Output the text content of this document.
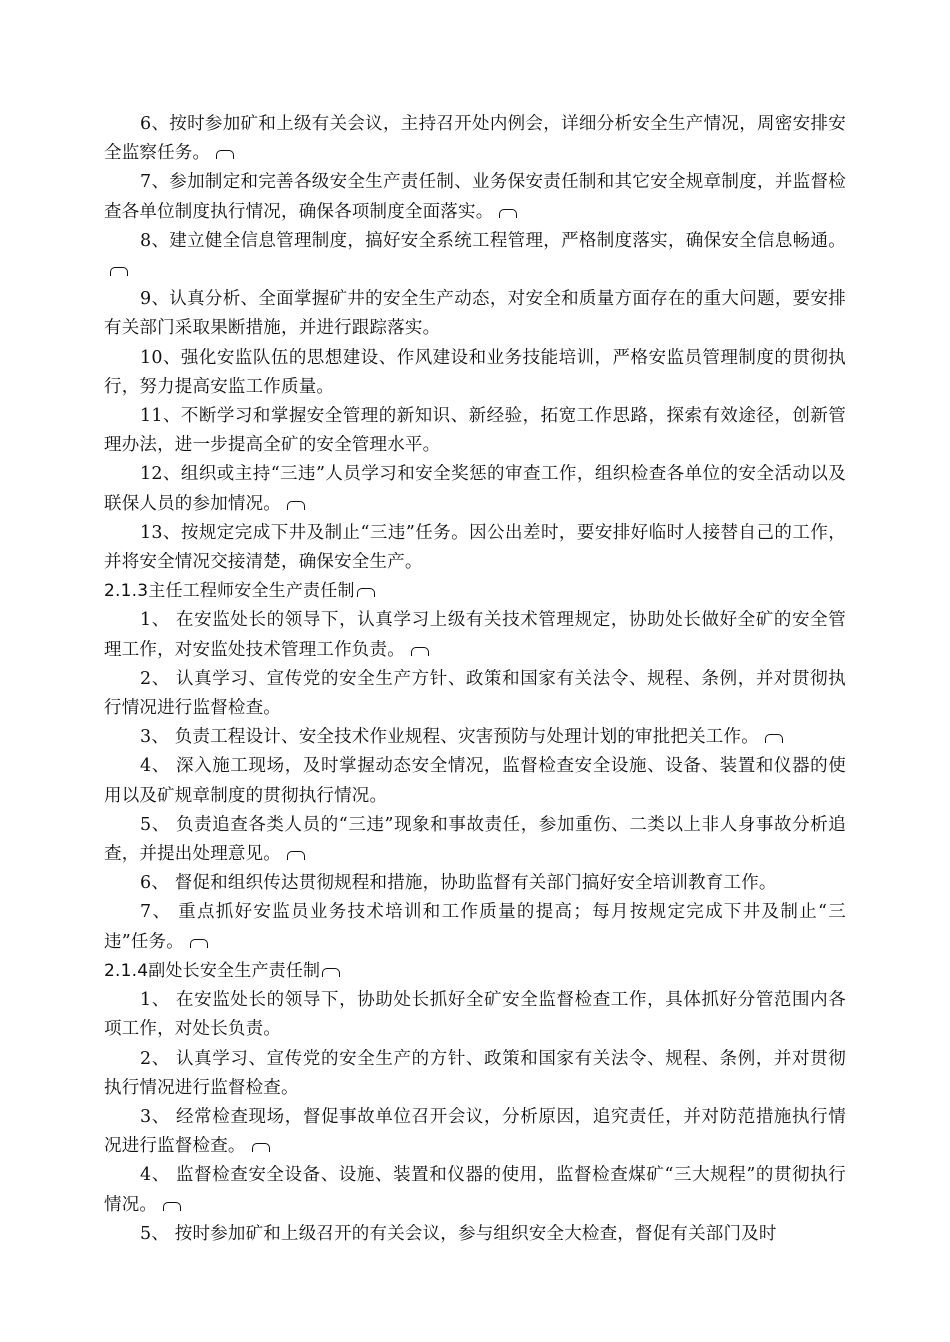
6、按时参加矿和上级有关会议，主持召开处内例会，详细分析安全生产情况，周密安排安全监察任务。

7、参加制定和完善各级安全生产责任制、业务保安责任制和其它安全规章制度，并监督检查各单位制度执行情况，确保各项制度全面落实。

8、建立健全信息管理制度，搞好安全系统工程管理，严格制度落实，确保安全信息畅通。

9、认真分析、全面掌握矿井的安全生产动态，对安全和质量方面存在的重大问题，要安排有关部门采取果断措施，并进行跟踪落实。

10、强化安监队伍的思想建设、作风建设和业务技能培训，严格安监员管理制度的贯彻执行，努力提高安监工作质量。

11、不断学习和掌握安全管理的新知识、新经验，拓宽工作思路，探索有效途径，创新管理办法，进一步提高全矿的安全管理水平。

12、组织或主持“三违”人员学习和安全奖惩的审查工作，组织检查各单位的安全活动以及联保人员的参加情况。

13、按规定完成下井及制止“三违”任务。因公出差时，要安排好临时人接替自己的工作，并将安全情况交接清楚，确保安全生产。

2.1.3主任工程师安全生产责任制

1、 在安监处长的领导下，认真学习上级有关技术管理规定，协助处长做好全矿的安全管理工作，对安监处技术管理工作负责。

2、 认真学习、宣传党的安全生产方针、政策和国家有关法令、规程、条例，并对贯彻执行情况进行监督检查。

3、 负责工程设计、安全技术作业规程、灾害预防与处理计划的审批把关工作。

4、 深入施工现场，及时掌握动态安全情况，监督检查安全设施、设备、装置和仪器的使用以及矿规章制度的贯彻执行情况。

5、 负责追查各类人员的“三违”现象和事故责任，参加重伤、二类以上非人身事故分析追查，并提出处理意见。

6、 督促和组织传达贯彻规程和措施，协助监督有关部门搞好安全培训教育工作。

7、 重点抓好安监员业务技术培训和工作质量的提高；每月按规定完成下井及制止“三违”任务。

2.1.4副处长安全生产责任制

1、 在安监处长的领导下，协助处长抓好全矿安全监督检查工作，具体抓好分管范围内各项工作，对处长负责。

2、 认真学习、宣传党的安全生产的方针、政策和国家有关法令、规程、条例，并对贯彻执行情况进行监督检查。

3、 经常检查现场，督促事故单位召开会议，分析原因，追究责任，并对防范措施执行情况进行监督检查。

4、 监督检查安全设备、设施、装置和仪器的使用，监督检查煤矿“三大规程”的贯彻执行情况。

5、 按时参加矿和上级召开的有关会议，参与组织安全大检查，督促有关部门及时
